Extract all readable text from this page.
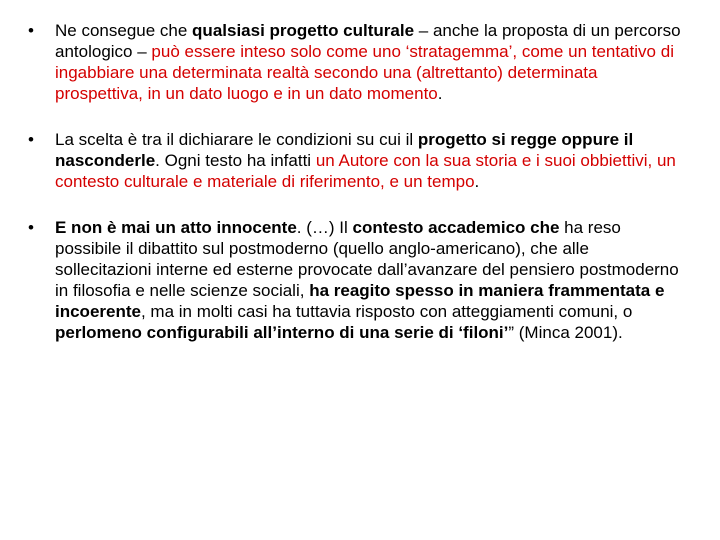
• Ne consegue che qualsiasi progetto culturale – anche la proposta di un percorso antologico – può essere inteso solo come uno ‘stratagemma’, come un tentativo di ingabbiare una determinata realtà secondo una (altrettanto) determinata prospettiva, in un dato luogo e in un dato momento.
• La scelta è tra il dichiarare le condizioni su cui il progetto si regge oppure il nasconderle. Ogni testo ha infatti un Autore con la sua storia e i suoi obbiettivi, un contesto culturale e materiale di riferimento, e un tempo.
• E non è mai un atto innocente. (…) Il contesto accademico che ha reso possibile il dibattito sul postmoderno (quello anglo-americano), che alle sollecitazioni interne ed esterne provocate dall’avanzare del pensiero postmoderno in filosofia e nelle scienze sociali, ha reagito spesso in maniera frammentata e incoerente, ma in molti casi ha tuttavia risposto con atteggiamenti comuni, o perlomeno configurabili all’interno di una serie di ‘filoni’” (Minca 2001).
